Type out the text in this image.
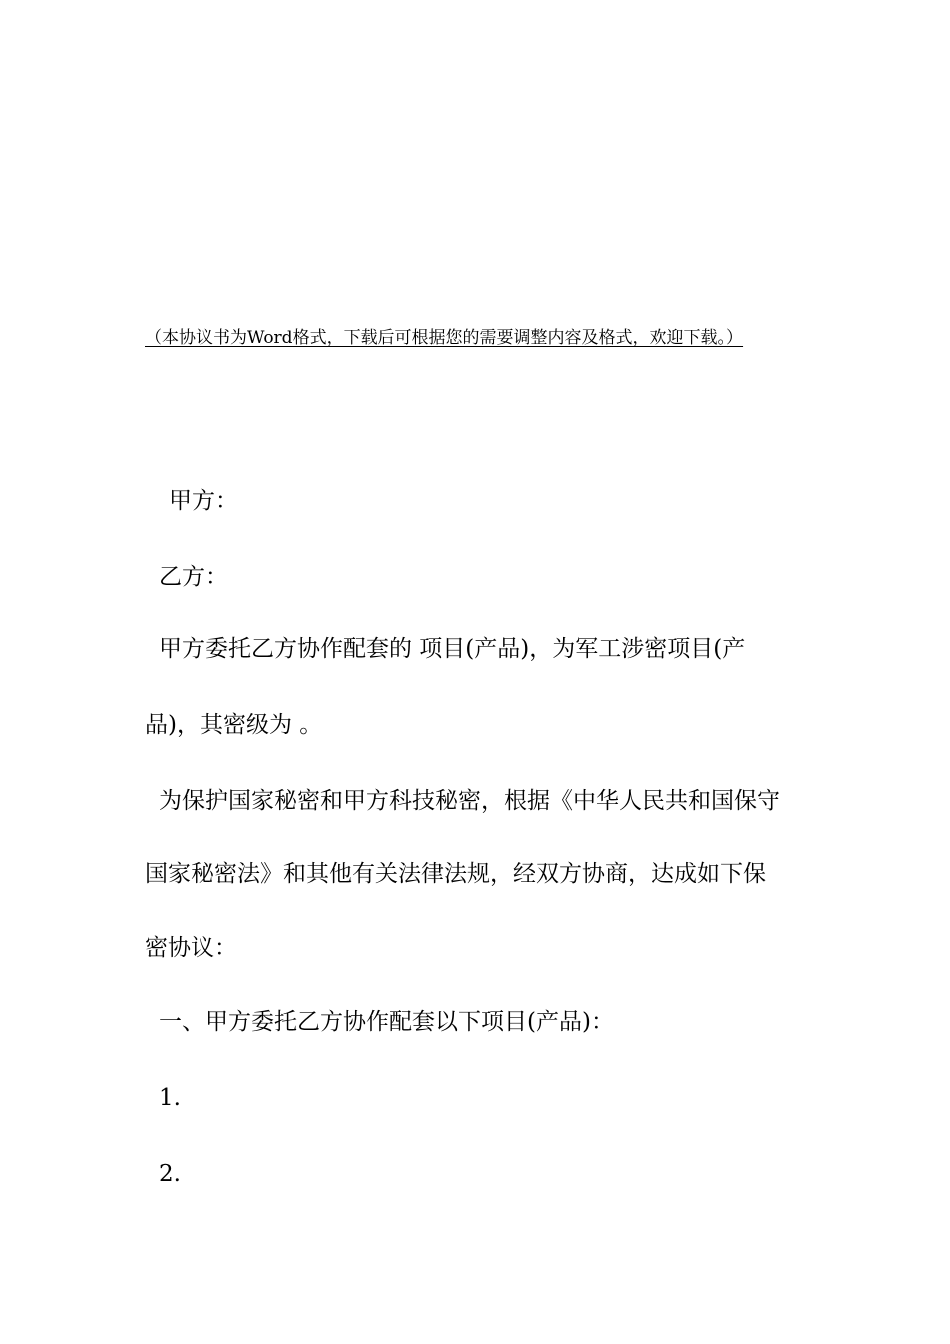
（本协议书为Word格式，下载后可根据您的需要调整内容及格式，欢迎下载。）

甲方：

乙方：

甲方委托乙方协作配套的 项目(产品)，为军工涉密项目(产

品)，其密级为 。

为保护国家秘密和甲方科技秘密，根据《中华人民共和国保守

国家秘密法》和其他有关法律法规，经双方协商，达成如下保

密协议：

一、甲方委托乙方协作配套以下项目(产品)：

1.

2.
